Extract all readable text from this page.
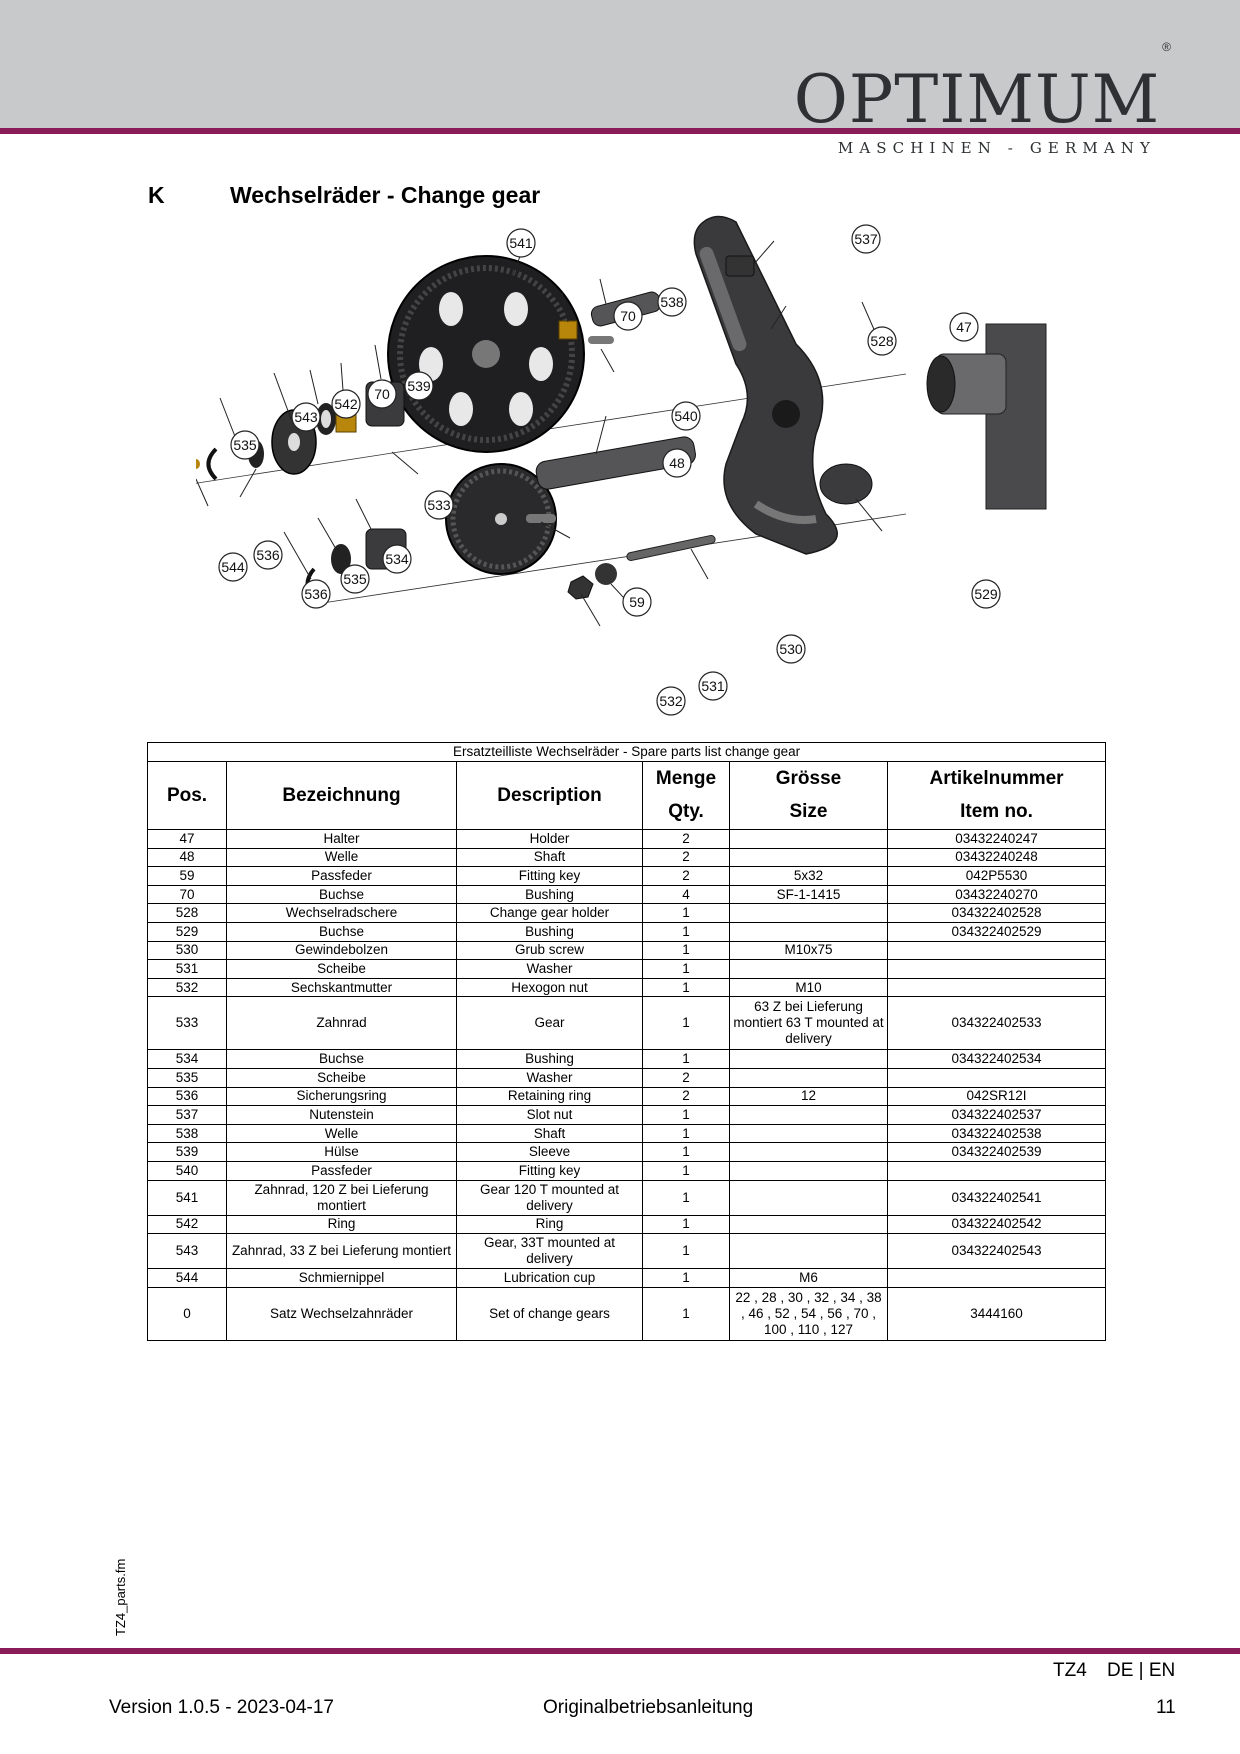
OPTIMUM®
MASCHINEN - GERMANY
K	Wechselräder - Change gear
541	537
70
538
528
47
539
70
542
543
535
540
48
533
536
544	534
535
536	59	529
530
531
532
Ersatzteilliste Wechselräder - Spare parts list change gear					
Pos.	Bezeichnung	Description	Menge	Grösse	Artikelnummer
			Qty.	Size	Item no.
47	Halter	Holder	2		03432240247
48	Welle	Shaft	2		03432240248
59	Passfeder	Fitting key	2	5x32	042P5530
70	Buchse	Bushing	4	SF-1-1415	03432240270
528	Wechselradschere	Change gear holder	1		034322402528
529	Buchse	Bushing	1		034322402529
530	Gewindebolzen	Grub screw	1	M10x75	
531	Scheibe	Washer	1		
532	Sechskantmutter	Hexogon nut	1	M10	
533	Zahnrad	Gear	1	63 Z bei Lieferung montiert 63 T mounted at delivery	034322402533
534	Buchse	Bushing	1		034322402534
535	Scheibe	Washer	2		
536	Sicherungsring	Retaining ring	2	12	042SR12I
537	Nutenstein	Slot nut	1		034322402537
538	Welle	Shaft	1		034322402538
539	Hülse	Sleeve	1		034322402539
540	Passfeder	Fitting key	1		
541	Zahnrad, 120 Z bei Lieferung montiert	Gear 120 T mounted at delivery	1		034322402541
542	Ring	Ring	1		034322402542
543	Zahnrad, 33 Z bei Lieferung montiert	Gear, 33T mounted at delivery	1		034322402543
544	Schmiernippel	Lubrication cup	1	M6	
0	Satz Wechselzahnräder	Set of change gears	1	22 , 28 , 30 , 32 , 34 , 38 , 46 , 52 , 54 , 56 , 70 , 100 , 110 , 127	3444160
TZ4_parts.fm
TZ4 DE | EN
Version 1.0.5 - 2023-04-17	Originalbetriebsanleitung	11
